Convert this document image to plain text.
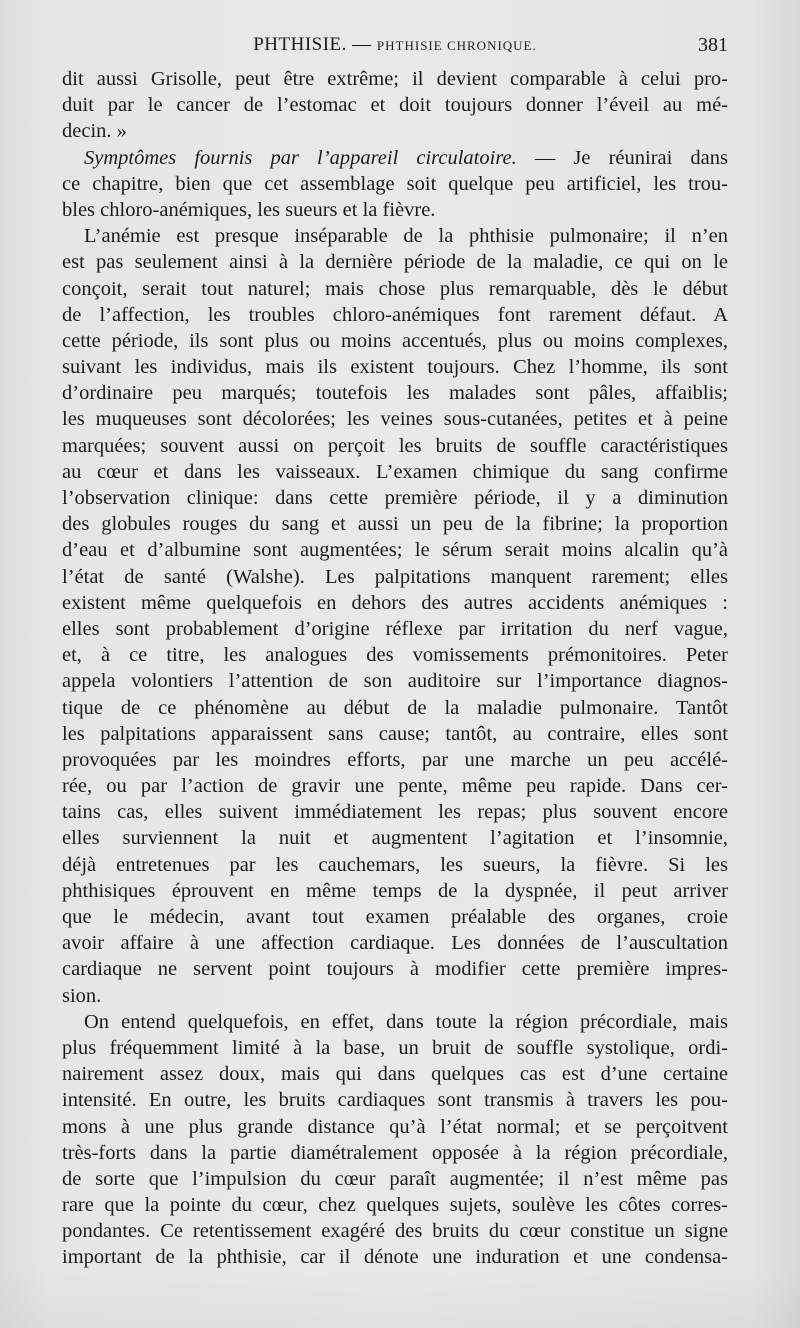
PHTHISIE. — PHTHISIE CHRONIQUE.	381
dit aussi Grisolle, peut être extrême; il devient comparable à celui pro-
duit par le cancer de l’estomac et doit toujours donner l’éveil au mé-
decin. »
Symptômes fournis par l’appareil circulatoire. — Je réunirai dans
ce chapitre, bien que cet assemblage soit quelque peu artificiel, les trou-
bles chloro-anémiques, les sueurs et la fièvre.
L’anémie est presque inséparable de la phthisie pulmonaire; il n’en
est pas seulement ainsi à la dernière période de la maladie, ce qui on le
conçoit, serait tout naturel; mais chose plus remarquable, dès le début
de l’affection, les troubles chloro-anémiques font rarement défaut. A
cette période, ils sont plus ou moins accentués, plus ou moins complexes,
suivant les individus, mais ils existent toujours. Chez l’homme, ils sont
d’ordinaire peu marqués; toutefois les malades sont pâles, affaiblis;
les muqueuses sont décolorées; les veines sous-cutanées, petites et à peine
marquées; souvent aussi on perçoit les bruits de souffle caractéristiques
au cœur et dans les vaisseaux. L’examen chimique du sang confirme
l’observation clinique: dans cette première période, il y a diminution
des globules rouges du sang et aussi un peu de la fibrine; la proportion
d’eau et d’albumine sont augmentées; le sérum serait moins alcalin qu’à
l’état de santé (Walshe). Les palpitations manquent rarement; elles
existent même quelquefois en dehors des autres accidents anémiques :
elles sont probablement d’origine réflexe par irritation du nerf vague,
et, à ce titre, les analogues des vomissements prémonitoires. Peter
appela volontiers l’attention de son auditoire sur l’importance diagnos-
tique de ce phénomène au début de la maladie pulmonaire. Tantôt
les palpitations apparaissent sans cause; tantôt, au contraire, elles sont
provoquées par les moindres efforts, par une marche un peu accélé-
rée, ou par l’action de gravir une pente, même peu rapide. Dans cer-
tains cas, elles suivent immédiatement les repas; plus souvent encore
elles surviennent la nuit et augmentent l’agitation et l’insomnie,
déjà entretenues par les cauchemars, les sueurs, la fièvre. Si les
phthisiques éprouvent en même temps de la dyspnée, il peut arriver
que le médecin, avant tout examen préalable des organes, croie
avoir affaire à une affection cardiaque. Les données de l’auscultation
cardiaque ne servent point toujours à modifier cette première impres-
sion.
On entend quelquefois, en effet, dans toute la région précordiale, mais
plus fréquemment limité à la base, un bruit de souffle systolique, ordi-
nairement assez doux, mais qui dans quelques cas est d’une certaine
intensité. En outre, les bruits cardiaques sont transmis à travers les pou-
mons à une plus grande distance qu’à l’état normal; et se perçoitvent
très-forts dans la partie diamétralement opposée à la région précordiale,
de sorte que l’impulsion du cœur paraît augmentée; il n’est même pas
rare que la pointe du cœur, chez quelques sujets, soulève les côtes corres-
pondantes. Ce retentissement exagéré des bruits du cœur constitue un signe
important de la phthisie, car il dénote une induration et une condensa-
